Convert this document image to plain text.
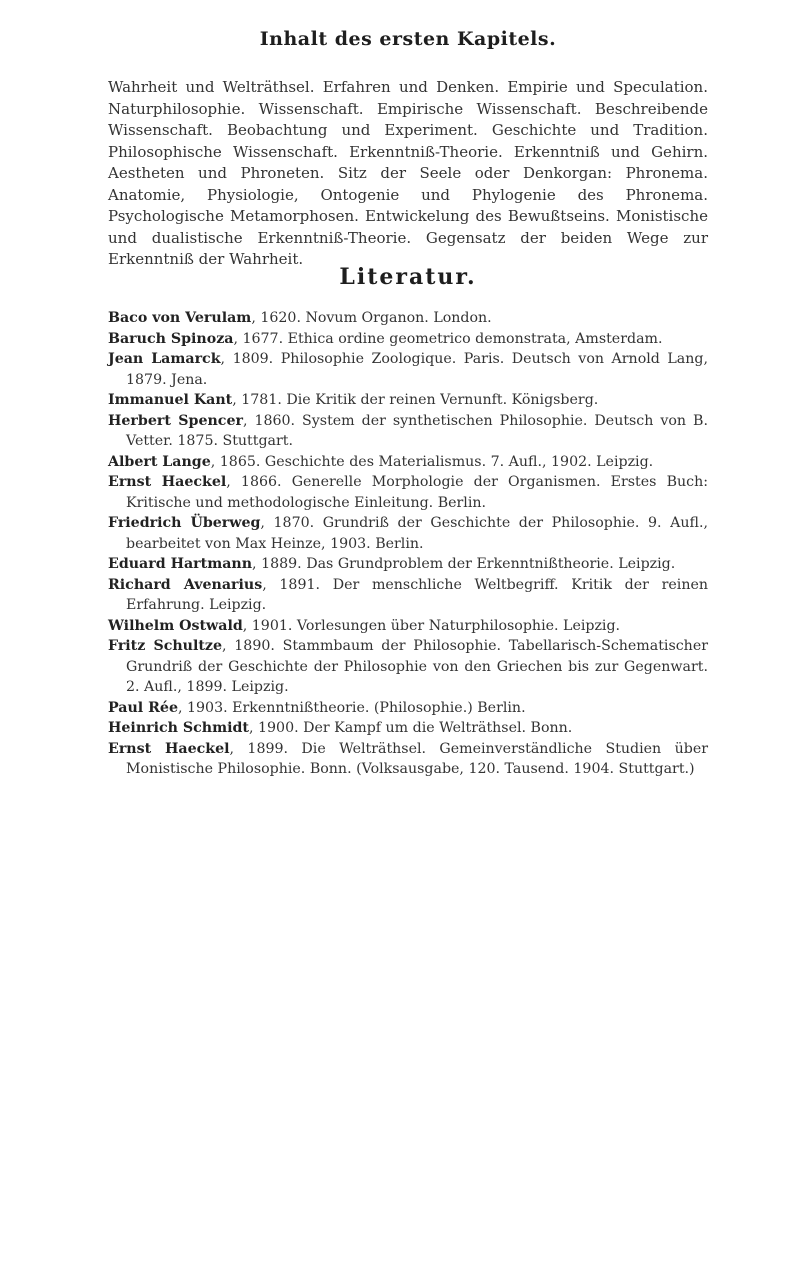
Inhalt des ersten Kapitels.

Wahrheit und Welträthsel. Erfahren und Denken. Empirie und Speculation. Naturphilosophie. Wissenschaft. Empirische Wissenschaft. Beschreibende Wissenschaft. Beobachtung und Experiment. Geschichte und Tradition. Philosophische Wissenschaft. Erkenntniß-Theorie. Erkenntniß und Gehirn. Aestheten und Phroneten. Sitz der Seele oder Denkorgan: Phronema. Anatomie, Physiologie, Ontogenie und Phylogenie des Phronema. Psychologische Metamorphosen. Entwickelung des Bewußtseins. Monistische und dualistische Erkenntniß-Theorie. Gegensatz der beiden Wege zur Erkenntniß der Wahrheit.

Literatur.
Baco von Verulam, 1620. Novum Organon. London.
Baruch Spinoza, 1677. Ethica ordine geometrico demonstrata, Amsterdam.
Jean Lamarck, 1809. Philosophie Zoologique. Paris. Deutsch von Arnold Lang, 1879. Jena.
Immanuel Kant, 1781. Die Kritik der reinen Vernunft. Königsberg.
Herbert Spencer, 1860. System der synthetischen Philosophie. Deutsch von B. Vetter. 1875. Stuttgart.
Albert Lange, 1865. Geschichte des Materialismus. 7. Aufl., 1902. Leipzig.
Ernst Haeckel, 1866. Generelle Morphologie der Organismen. Erstes Buch: Kritische und methodologische Einleitung. Berlin.
Friedrich Überweg, 1870. Grundriß der Geschichte der Philosophie. 9. Aufl., bearbeitet von Max Heinze, 1903. Berlin.
Eduard Hartmann, 1889. Das Grundproblem der Erkenntnißtheorie. Leipzig.
Richard Avenarius, 1891. Der menschliche Weltbegriff. Kritik der reinen Erfahrung. Leipzig.
Wilhelm Ostwald, 1901. Vorlesungen über Naturphilosophie. Leipzig.
Fritz Schultze, 1890. Stammbaum der Philosophie. Tabellarisch-Schematischer Grundriß der Geschichte der Philosophie von den Griechen bis zur Gegenwart. 2. Aufl., 1899. Leipzig.
Paul Rée, 1903. Erkenntnißtheorie. (Philosophie.) Berlin.
Heinrich Schmidt, 1900. Der Kampf um die Welträthsel. Bonn.
Ernst Haeckel, 1899. Die Welträthsel. Gemeinverständliche Studien über Monistische Philosophie. Bonn. (Volksausgabe, 120. Tausend. 1904. Stuttgart.)
